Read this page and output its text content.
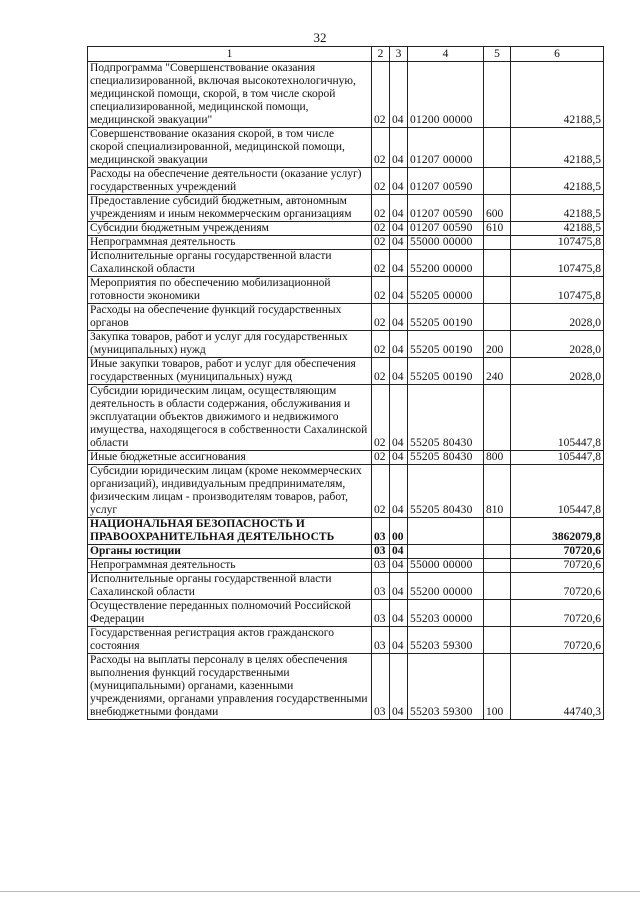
32
1	2	3	4	5	6
Подпрограмма "Совершенствование оказания специализированной, включая высокотехнологичную, медицинской помощи, скорой, в том числе скорой специализированной, медицинской помощи, медицинской эвакуации"	02	04	01200 00000		42188,5
Совершенствование оказания скорой, в том числе скорой специализированной, медицинской помощи, медицинской эвакуации	02	04	01207 00000		42188,5
Расходы на обеспечение деятельности (оказание услуг) государственных учреждений	02	04	01207 00590		42188,5
Предоставление субсидий бюджетным, автономным учреждениям и иным некоммерческим организациям	02	04	01207 00590	600	42188,5
Субсидии бюджетным учреждениям	02	04	01207 00590	610	42188,5
Непрограммная деятельность	02	04	55000 00000		107475,8
Исполнительные органы государственной власти Сахалинской области	02	04	55200 00000		107475,8
Мероприятия по обеспечению мобилизационной готовности экономики	02	04	55205 00000		107475,8
Расходы на обеспечение функций государственных органов	02	04	55205 00190		2028,0
Закупка товаров, работ и услуг для государственных (муниципальных) нужд	02	04	55205 00190	200	2028,0
Иные закупки товаров, работ и услуг для обеспечения государственных (муниципальных) нужд	02	04	55205 00190	240	2028,0
Субсидии юридическим лицам, осуществляющим деятельность в области содержания, обслуживания и эксплуатации объектов движимого и недвижимого имущества, находящегося в собственности Сахалинской области	02	04	55205 80430		105447,8
Иные бюджетные ассигнования	02	04	55205 80430	800	105447,8
Субсидии юридическим лицам (кроме некоммерческих организаций), индивидуальным предпринимателям, физическим лицам - производителям товаров, работ, услуг	02	04	55205 80430	810	105447,8
НАЦИОНАЛЬНАЯ БЕЗОПАСНОСТЬ И ПРАВООХРАНИТЕЛЬНАЯ ДЕЯТЕЛЬНОСТЬ	03	00			3862079,8
Органы юстиции	03	04			70720,6
Непрограммная деятельность	03	04	55000 00000		70720,6
Исполнительные органы государственной власти Сахалинской области	03	04	55200 00000		70720,6
Осуществление переданных полномочий Российской Федерации	03	04	55203 00000		70720,6
Государственная регистрация актов гражданского состояния	03	04	55203 59300		70720,6
Расходы на выплаты персоналу в целях обеспечения выполнения функций государственными (муниципальными) органами, казенными учреждениями, органами управления государственными внебюджетными фондами	03	04	55203 59300	100	44740,3
